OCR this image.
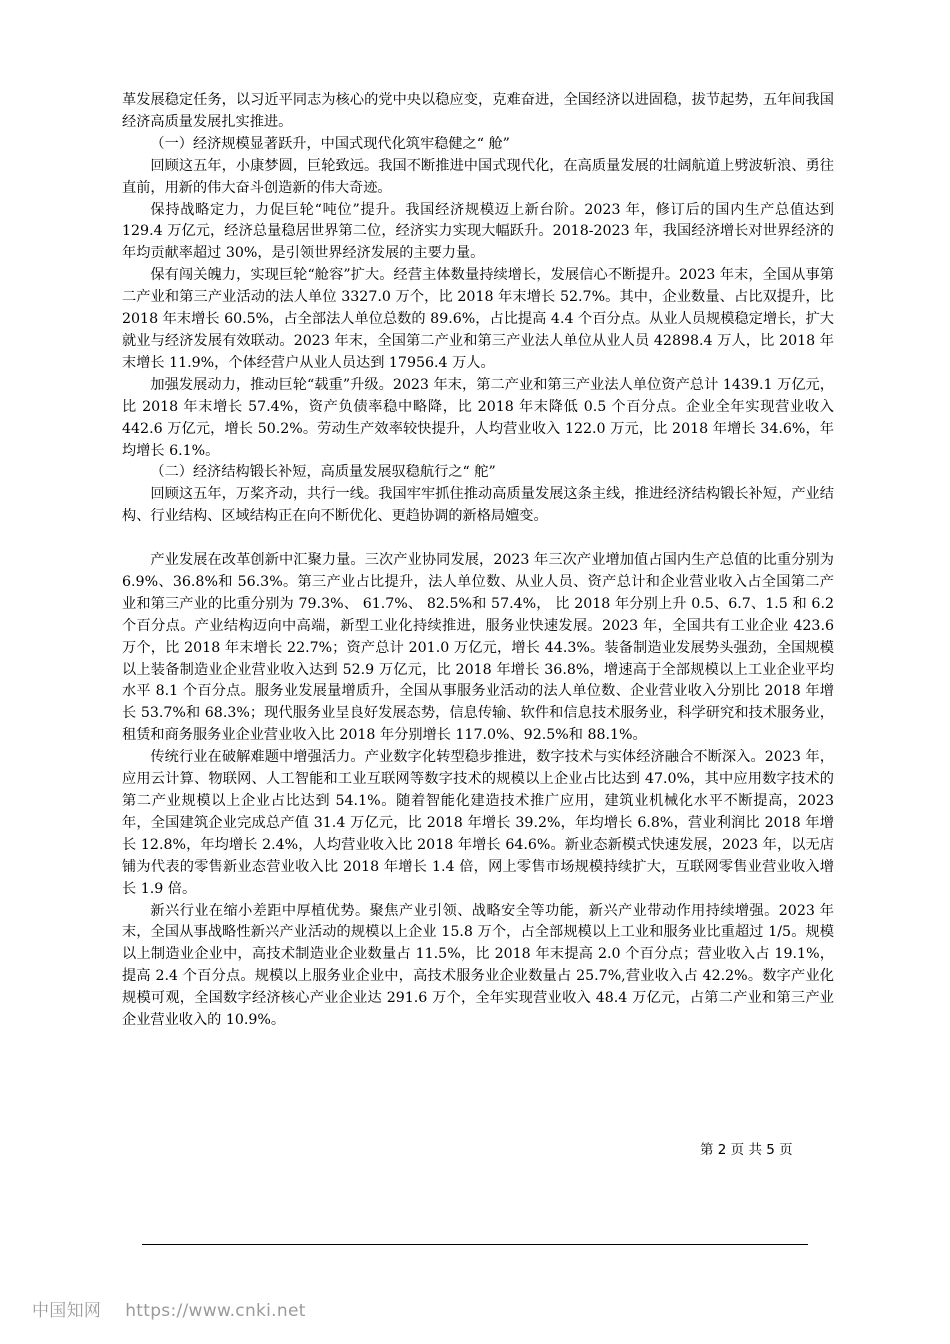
革发展稳定任务，以习近平同志为核心的党中央以稳应变，克难奋进，全国经济以进固稳，拔节起势，五年间我国经济高质量发展扎实推进。

（一）经济规模显著跃升，中国式现代化筑牢稳健之“ 舱”

回顾这五年，小康梦圆，巨轮致远。我国不断推进中国式现代化，在高质量发展的壮阔航道上劈波斩浪、勇往直前，用新的伟大奋斗创造新的伟大奇迹。

保持战略定力，力促巨轮“吨位”提升。我国经济规模迈上新台阶。2023 年，修订后的国内生产总值达到 129.4 万亿元，经济总量稳居世界第二位，经济实力实现大幅跃升。2018-2023 年，我国经济增长对世界经济的年均贡献率超过 30%，是引领世界经济发展的主要力量。

保有闯关魄力，实现巨轮“舱容”扩大。经营主体数量持续增长，发展信心不断提升。2023 年末，全国从事第二产业和第三产业活动的法人单位 3327.0 万个，比 2018 年末增长 52.7%。其中，企业数量、占比双提升，比 2018 年末增长 60.5%，占全部法人单位总数的 89.6%，占比提高 4.4 个百分点。从业人员规模稳定增长，扩大就业与经济发展有效联动。2023 年末，全国第二产业和第三产业法人单位从业人员 42898.4 万人，比 2018 年末增长 11.9%，个体经营户从业人员达到 17956.4 万人。

加强发展动力，推动巨轮“载重”升级。2023 年末，第二产业和第三产业法人单位资产总计 1439.1 万亿元，比 2018 年末增长 57.4%，资产负债率稳中略降，比 2018 年末降低 0.5 个百分点。企业全年实现营业收入 442.6 万亿元，增长 50.2%。劳动生产效率较快提升，人均营业收入 122.0 万元，比 2018 年增长 34.6%，年均增长 6.1%。

（二）经济结构锻长补短，高质量发展驭稳航行之“ 舵”

回顾这五年，万桨齐动，共行一线。我国牢牢抓住推动高质量发展这条主线，推进经济结构锻长补短，产业结构、行业结构、区域结构正在向不断优化、更趋协调的新格局嬗变。

产业发展在改革创新中汇聚力量。三次产业协同发展，2023 年三次产业增加值占国内生产总值的比重分别为 6.9%、36.8%和 56.3%。第三产业占比提升，法人单位数、从业人员、资产总计和企业营业收入占全国第二产业和第三产业的比重分别为 79.3%、 61.7%、 82.5%和 57.4%， 比 2018 年分别上升 0.5、6.7、1.5 和 6.2 个百分点。产业结构迈向中高端，新型工业化持续推进，服务业快速发展。2023 年，全国共有工业企业 423.6 万个，比 2018 年末增长 22.7%；资产总计 201.0 万亿元，增长 44.3%。装备制造业发展势头强劲，全国规模以上装备制造业企业营业收入达到 52.9 万亿元，比 2018 年增长 36.8%，增速高于全部规模以上工业企业平均水平 8.1 个百分点。服务业发展量增质升，全国从事服务业活动的法人单位数、企业营业收入分别比 2018 年增长 53.7%和 68.3%；现代服务业呈良好发展态势，信息传输、软件和信息技术服务业，科学研究和技术服务业，租赁和商务服务业企业营业收入比 2018 年分别增长 117.0%、92.5%和 88.1%。

传统行业在破解难题中增强活力。产业数字化转型稳步推进，数字技术与实体经济融合不断深入。2023 年，应用云计算、物联网、人工智能和工业互联网等数字技术的规模以上企业占比达到 47.0%，其中应用数字技术的第二产业规模以上企业占比达到 54.1%。随着智能化建造技术推广应用，建筑业机械化水平不断提高，2023 年，全国建筑企业完成总产值 31.4 万亿元，比 2018 年增长 39.2%，年均增长 6.8%，营业利润比 2018 年增长 12.8%，年均增长 2.4%，人均营业收入比 2018 年增长 64.6%。新业态新模式快速发展，2023 年，以无店铺为代表的零售新业态营业收入比 2018 年增长 1.4 倍，网上零售市场规模持续扩大，互联网零售业营业收入增长 1.9 倍。

新兴行业在缩小差距中厚植优势。聚焦产业引领、战略安全等功能，新兴产业带动作用持续增强。2023 年末，全国从事战略性新兴产业活动的规模以上企业 15.8 万个，占全部规模以上工业和服务业比重超过 1/5。规模以上制造业企业中，高技术制造业企业数量占 11.5%，比 2018 年末提高 2.0 个百分点；营业收入占 19.1%，提高 2.4 个百分点。规模以上服务业企业中，高技术服务业企业数量占 25.7%,营业收入占 42.2%。数字产业化规模可观，全国数字经济核心产业企业达 291.6 万个，全年实现营业收入 48.4 万亿元，占第二产业和第三产业企业营业收入的 10.9%。

第 2 页 共 5 页
中国知网 https://www.cnki.net
